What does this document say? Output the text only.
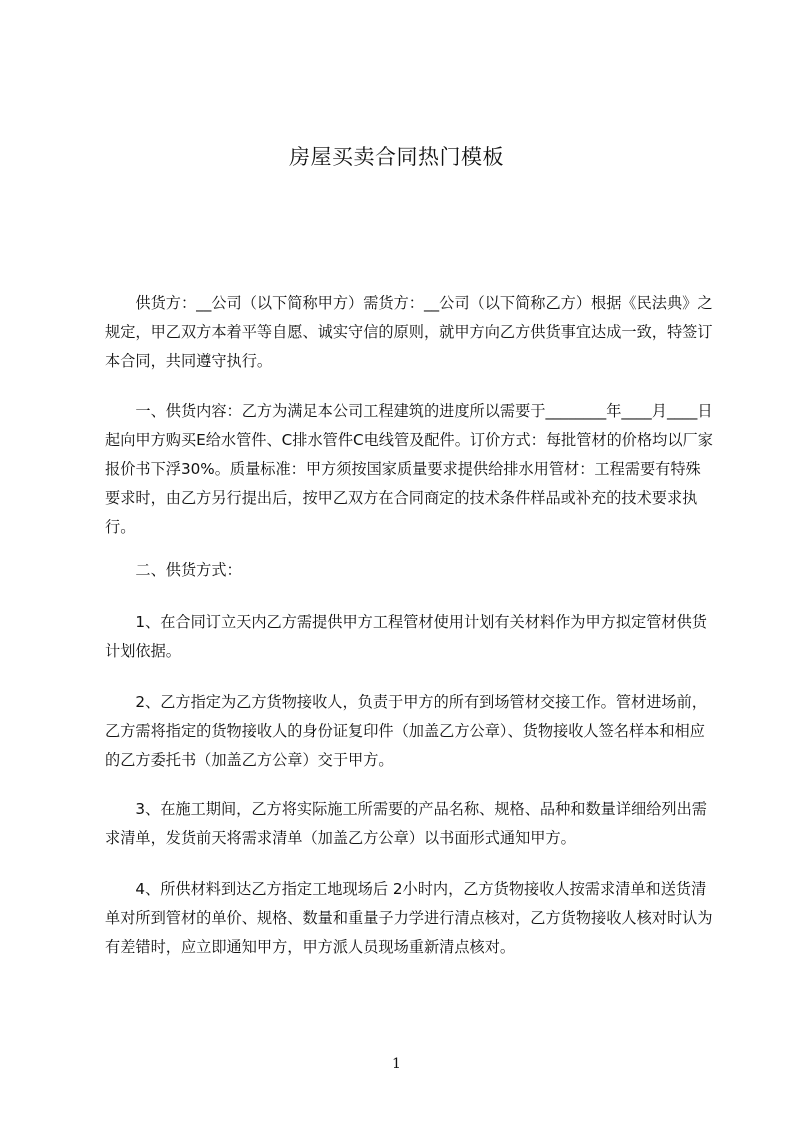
房屋买卖合同热门模板

供货方：__公司（以下简称甲方）需货方：__公司（以下简称乙方）根据《民法典》之规定，甲乙双方本着平等自愿、诚实守信的原则，就甲方向乙方供货事宜达成一致，特签订本合同，共同遵守执行。

一、供货内容：乙方为满足本公司工程建筑的进度所以需要于________年____月____日起向甲方购买E给水管件、C排水管件C电线管及配件。订价方式：每批管材的价格均以厂家报价书下浮30%。质量标准：甲方须按国家质量要求提供给排水用管材：工程需要有特殊要求时，由乙方另行提出后，按甲乙双方在合同商定的技术条件样品或补充的技术要求执行。

二、供货方式：

1、在合同订立天内乙方需提供甲方工程管材使用计划有关材料作为甲方拟定管材供货计划依据。

2、乙方指定为乙方货物接收人，负责于甲方的所有到场管材交接工作。管材进场前，乙方需将指定的货物接收人的身份证复印件（加盖乙方公章）、货物接收人签名样本和相应的乙方委托书（加盖乙方公章）交于甲方。

3、在施工期间，乙方将实际施工所需要的产品名称、规格、品种和数量详细给列出需求清单，发货前天将需求清单（加盖乙方公章）以书面形式通知甲方。

4、所供材料到达乙方指定工地现场后 2小时内，乙方货物接收人按需求清单和送货清单对所到管材的单价、规格、数量和重量子力学进行清点核对，乙方货物接收人核对时认为有差错时，应立即通知甲方，甲方派人员现场重新清点核对。

1
